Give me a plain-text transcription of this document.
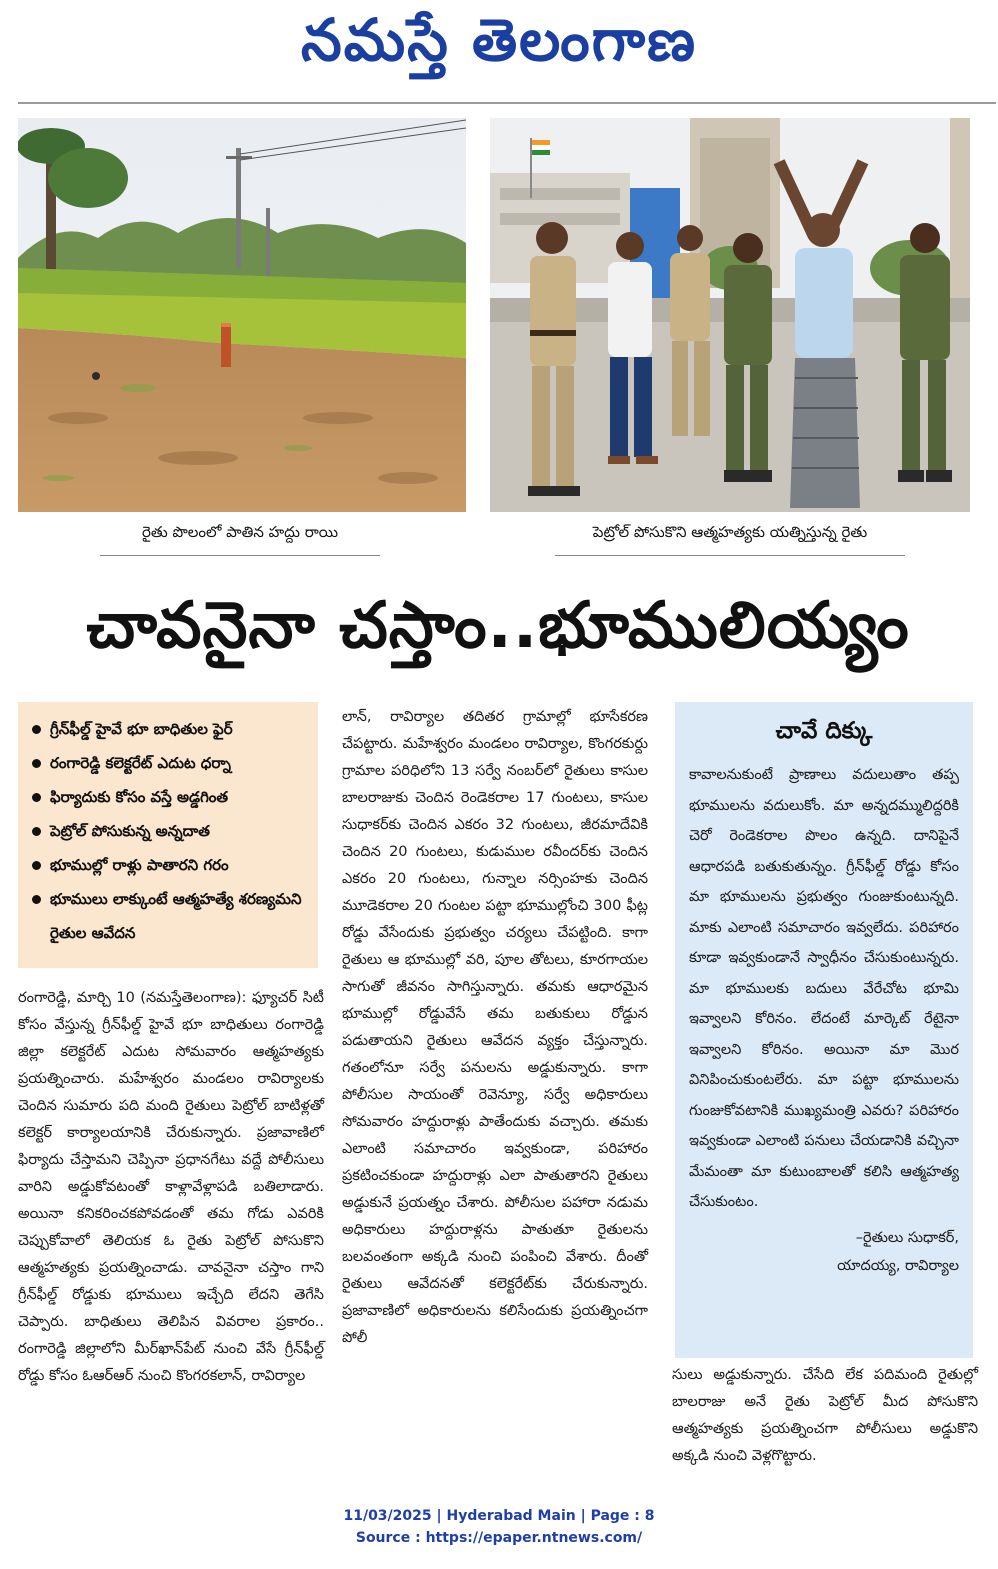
నమస్తే తెలంగాణ
రైతు పొలంలో పాతిన హద్దు రాయి	పెట్రోల్ పోసుకొని ఆత్మహత్యకు యత్నిస్తున్న రైతు
చావనైనా చస్తాం..భూములియ్యం
గ్రీన్‌ఫీల్డ్ హైవే భూ బాధితుల ఫైర్
రంగారెడ్డి కలెక్టరేట్ ఎదుట ధర్నా
ఫిర్యాదుకు కోసం వస్తే అడ్డగింత
పెట్రోల్ పోసుకున్న అన్నదాత
భూముల్లో రాళ్లు పాతారని గరం
భూములు లాక్కుంటే ఆత్మహత్యే శరణ్యమని రైతుల ఆవేదన

రంగారెడ్డి, మార్చి 10 (నమస్తేతెలంగాణ): ఫ్యూచర్ సిటీ కోసం వేస్తున్న గ్రీన్‌ఫీల్డ్ హైవే భూ బాధితులు రంగారెడ్డి జిల్లా కలెక్టరేట్ ఎదుట సోమవారం ఆత్మహత్యకు ప్రయత్నించారు. మహేశ్వరం మండలం రావిర్యాలకు చెందిన సుమారు పది మంది రైతులు పెట్రోల్ బాటిళ్లతో కలెక్టర్ కార్యాలయానికి చేరుకున్నారు. ప్రజావాణిలో ఫిర్యాదు చేస్తామని చెప్పినా ప్రధానగేటు వద్దే పోలీసులు వారిని అడ్డుకోవటంతో కాళ్లావేళ్లాపడి బతిలాడారు. అయినా కనికరించకపోవడంతో తమ గోడు ఎవరికి చెప్పుకోవాలో తెలియక ఓ రైతు పెట్రోల్ పోసుకొని ఆత్మహత్యకు ప్రయత్నించాడు. చావనైనా చస్తాం గాని గ్రీన్‌ఫీల్డ్ రోడ్డుకు భూములు ఇచ్చేది లేదని తెగేసి చెప్పారు. బాధితులు తెలిపిన వివరాల ప్రకారం.. రంగారెడ్డి జిల్లాలోని మీర్‌ఖాన్‌పేట్ నుంచి వేసే గ్రీన్‌ఫీల్డ్ రోడ్డు కోసం ఓఆర్ఆర్ నుంచి కొంగరకలాన్, రావిర్యాల

లాన్, రావిర్యాల తదితర గ్రామాల్లో భూసేకరణ చేపట్టారు. మహేశ్వరం మండలం రావిర్యాల, కొంగరకుర్దు గ్రామాల పరిధిలోని 13 సర్వే నంబర్‌లో రైతులు కాసుల బాలరాజుకు చెందిన రెండెకరాల 17 గుంటలు, కాసుల సుధాకర్‌కు చెందిన ఎకరం 32 గుంటలు, జీరమాదేవికి చెందిన 20 గుంటలు, కుడుముల రవీందర్‌కు చెందిన ఎకరం 20 గుంటలు, గున్నాల నర్సింహకు చెందిన మూడెకరాల 20 గుంటల పట్టా భూముల్లోంచి 300 ఫీట్ల రోడ్డు వేసేందుకు ప్రభుత్వం చర్యలు చేపట్టింది. కాగా రైతులు ఆ భూముల్లో వరి, పూల తోటలు, కూరగాయల సాగుతో జీవనం సాగిస్తున్నారు. తమకు ఆధారమైన భూముల్లో రోడ్డువేసే తమ బతుకులు రోడ్డున పడుతాయని రైతులు ఆవేదన వ్యక్తం చేస్తున్నారు. గతంలోనూ సర్వే పనులను అడ్డుకున్నారు. కాగా పోలీసుల సాయంతో రెవెన్యూ, సర్వే అధికారులు సోమవారం హద్దురాళ్లు పాతేందుకు వచ్చారు. తమకు ఎలాంటి సమాచారం ఇవ్వకుండా, పరిహారం ప్రకటించకుండా హద్దురాళ్లు ఎలా పాతుతారని రైతులు అడ్డుకునే ప్రయత్నం చేశారు. పోలీసుల పహారా నడుమ అధికారులు హద్దురాళ్లను పాతుతూ రైతులను బలవంతంగా అక్కడి నుంచి పంపించి వేశారు. దీంతో రైతులు ఆవేదనతో కలెక్టరేట్‌కు చేరుకున్నారు. ప్రజావాణిలో అధికారులను కలిసేందుకు ప్రయత్నించగా పోలీ

చావే దిక్కు
కావాలనుకుంటే ప్రాణాలు వదులుతాం తప్ప భూములను వదులుకోం. మా అన్నదమ్ములిద్దరికి చెరో రెండెకరాల పొలం ఉన్నది. దానిపైనే ఆధారపడి బతుకుతున్నం. గ్రీన్‌ఫీల్డ్ రోడ్డు కోసం మా భూములను ప్రభుత్వం గుంజుకుంటున్నది. మాకు ఎలాంటి సమాచారం ఇవ్వలేదు. పరిహారం కూడా ఇవ్వకుండానే స్వాధీనం చేసుకుంటున్నరు. మా భూములకు బదులు వేరేచోట భూమి ఇవ్వాలని కోరినం. లేదంటే మార్కెట్ రేటైనా ఇవ్వాలని కోరినం. అయినా మా మొర వినిపించుకుంటలేరు. మా పట్టా భూములను గుంజుకోవటానికి ముఖ్యమంత్రి ఎవరు? పరిహారం ఇవ్వకుండా ఎలాంటి పనులు చేయడానికి వచ్చినా మేమంతా మా కుటుంబాలతో కలిసి ఆత్మహత్య చేసుకుంటం.
–రైతులు సుధాకర్,
యాదయ్య, రావిర్యాల

సులు అడ్డుకున్నారు. చేసేది లేక పదిమంది రైతుల్లో బాలరాజు అనే రైతు పెట్రోల్ మీద పోసుకొని ఆత్మహత్యకు ప్రయత్నించగా పోలీసులు అడ్డుకొని అక్కడి నుంచి వెళ్లగొట్టారు.

11/03/2025 | Hyderabad Main | Page : 8
Source : https://epaper.ntnews.com/
